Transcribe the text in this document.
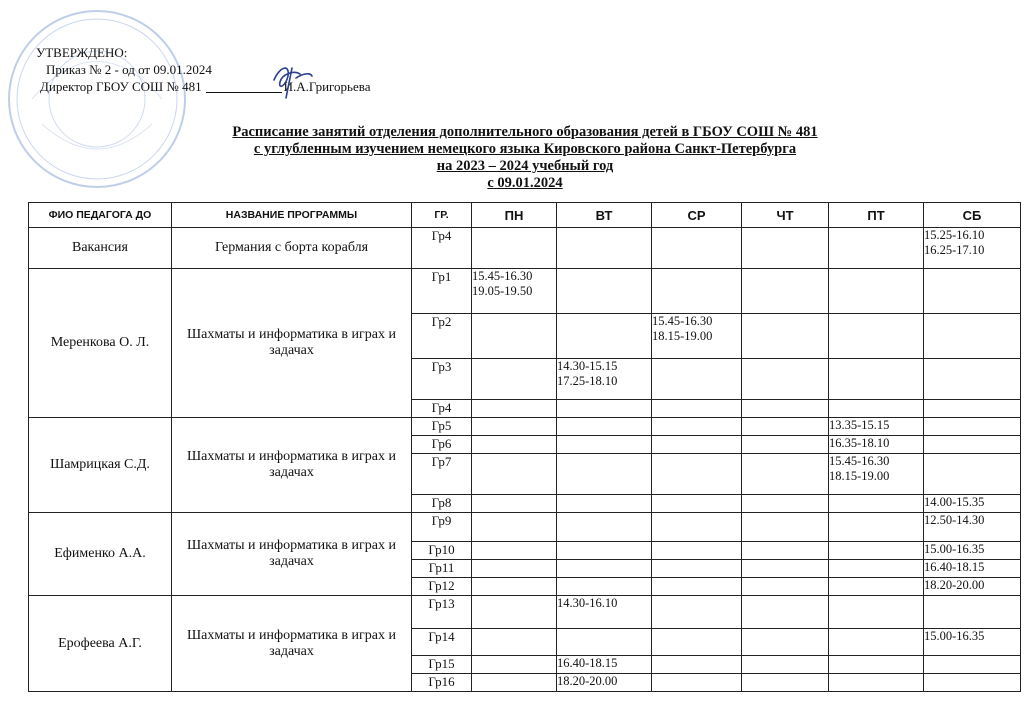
УТВЕРЖДЕНО:
Приказ № 2 - од от 09.01.2024
Директор ГБОУ СОШ № 481	И.А.Григорьева
Расписание занятий отделения дополнительного образования детей в ГБОУ СОШ № 481
с углубленным изучением немецкого языка Кировского района Санкт-Петербурга
на 2023 – 2024 учебный год
с 09.01.2024
ФИО ПЕДАГОГА ДО	НАЗВАНИЕ ПРОГРАММЫ	ГР.	ПН	ВТ	СР	ЧТ	ПТ	СБ
Вакансия	Германия с борта корабля	Гр4						15.25-16.10
16.25-17.10
Меренкова О. Л.	Шахматы и информатика в играх и задачах	Гр1	15.45-16.30
19.05-19.50					
		Гр2			15.45-16.30
18.15-19.00			
		Гр3		14.30-15.15
17.25-18.10				
		Гр4						
Шамрицкая С.Д.	Шахматы и информатика в играх и задачах	Гр5					13.35-15.15	
		Гр6					16.35-18.10	
		Гр7					15.45-16.30
18.15-19.00	
		Гр8						14.00-15.35
Ефименко А.А.	Шахматы и информатика в играх и задачах	Гр9						12.50-14.30
		Гр10						15.00-16.35
		Гр11						16.40-18.15
		Гр12						18.20-20.00
Ерофеева А.Г.	Шахматы и информатика в играх и задачах	Гр13		14.30-16.10				
		Гр14						15.00-16.35
		Гр15		16.40-18.15				
		Гр16		18.20-20.00				
